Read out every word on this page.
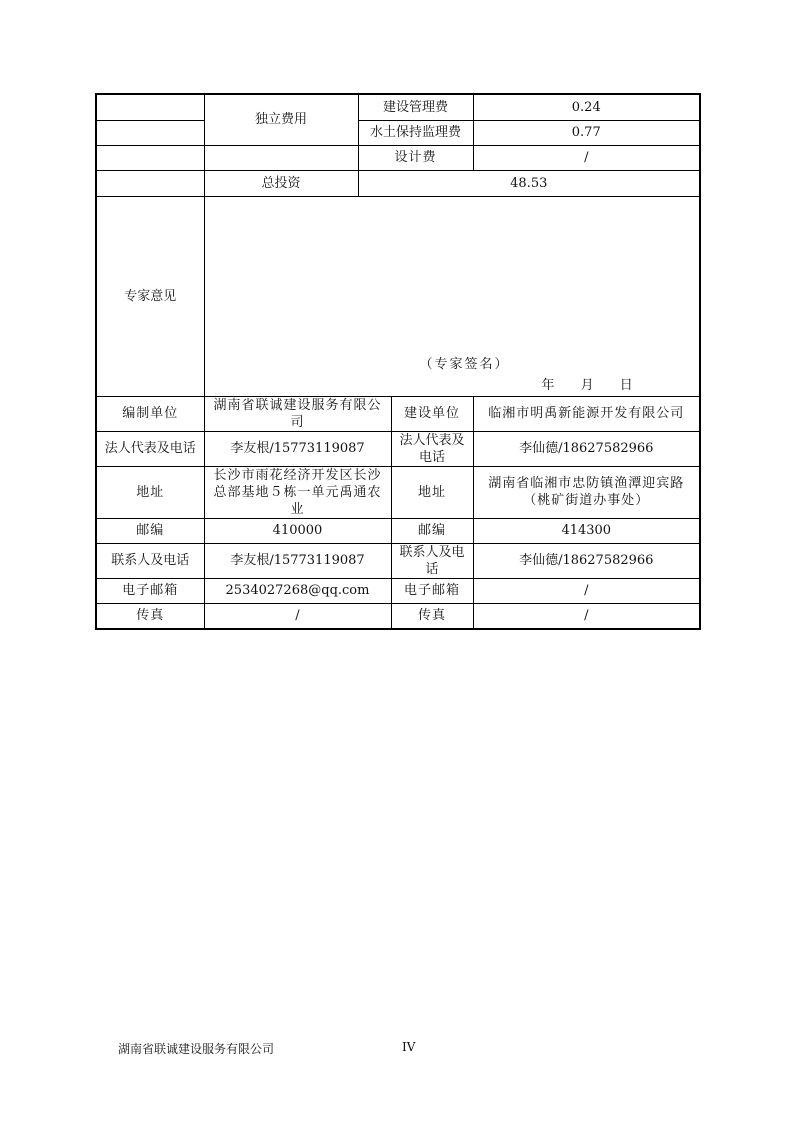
	独立费用	建设管理费		0.24
		水土保持监理费		0.77
		设计费		/
	总投资	48.53		
专家意见	（专家签名）
年 月 日			

编制单位	湖南省联诚建设服务有限公司		建设单位	临湘市明禹新能源开发有限公司
法人代表及电话	李友根/15773119087		法人代表及电话	李仙德/18627582966
地址	长沙市雨花经济开发区长沙总部基地５栋一单元禹通农业		地址	湖南省临湘市忠防镇渔潭迎宾路（桃矿街道办事处）
邮编	410000		邮编	414300
联系人及电话	李友根/15773119087		联系人及电话	李仙德/18627582966
电子邮箱	2534027268@qq.com		电子邮箱	/
传真	/		传真	/
湖南省联诚建设服务有限公司	IV
